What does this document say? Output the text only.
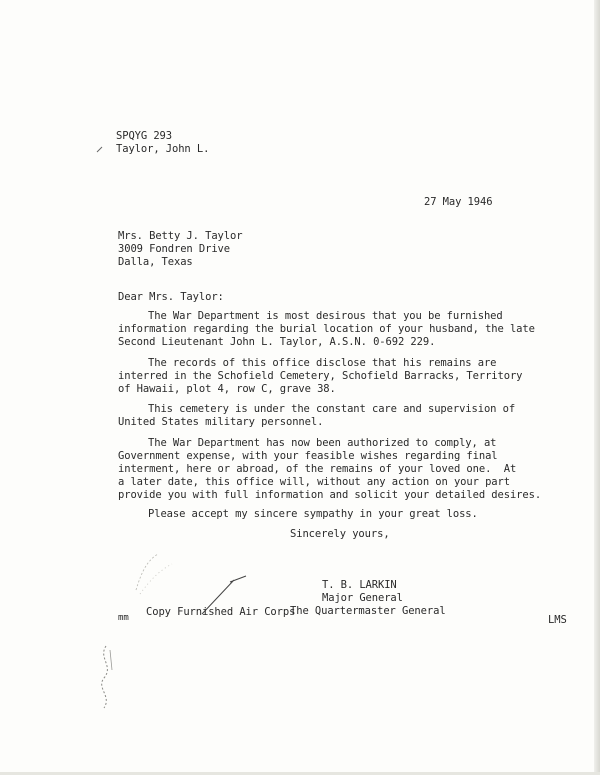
SPQYG 293
Taylor, John L.
27 May 1946
Mrs. Betty J. Taylor
3009 Fondren Drive
Dalla, Texas
Dear Mrs. Taylor:
The War Department is most desirous that you be furnished
information regarding the burial location of your husband, the late
Second Lieutenant John L. Taylor, A.S.N. 0-692 229.
The records of this office disclose that his remains are
interred in the Schofield Cemetery, Schofield Barracks, Territory
of Hawaii, plot 4, row C, grave 38.
This cemetery is under the constant care and supervision of
United States military personnel.
The War Department has now been authorized to comply, at
Government expense, with your feasible wishes regarding final
interment, here or abroad, of the remains of your loved one.  At
a later date, this office will, without any action on your part
provide you with full information and solicit your detailed desires.
Please accept my sincere sympathy in your great loss.
Sincerely yours,
T. B. LARKIN
Major General
The Quartermaster General
mm Copy Furnished Air Corps
LMS
